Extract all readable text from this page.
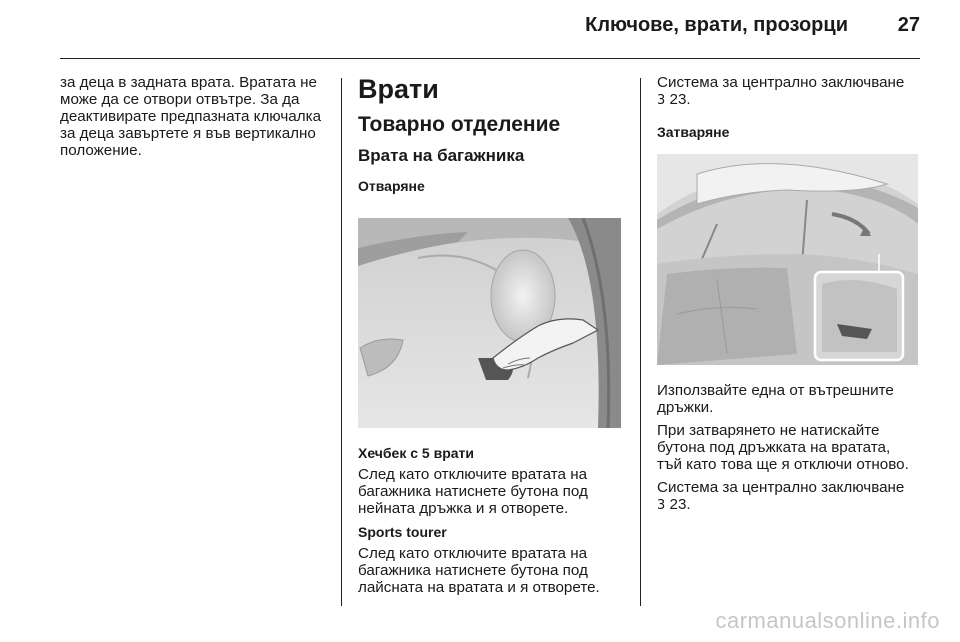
Ключове, врати, прозорци 27

за деца в задната врата. Вратата не може да се отвори отвътре. За да деактивирате предпазната ключалка за деца завъртете я във вертикално положение.

Врати
Товарно отделение
Врата на багажника
Отваряне
Хечбек с 5 врати

След като отключите вратата на багажника натиснете бутона под нейната дръжка и я отворете.

Sports tourer

След като отключите вратата на багажника натиснете бутона под лайсната на вратата и я отворете.

Система за централно заключване
3 23.

Затваряне

Използвайте една от вътрешните дръжки.

При затварянето не натискайте бутона под дръжката на вратата, тъй като това ще я отключи отново.

Система за централно заключване
3 23.

carmanualsonline.info
